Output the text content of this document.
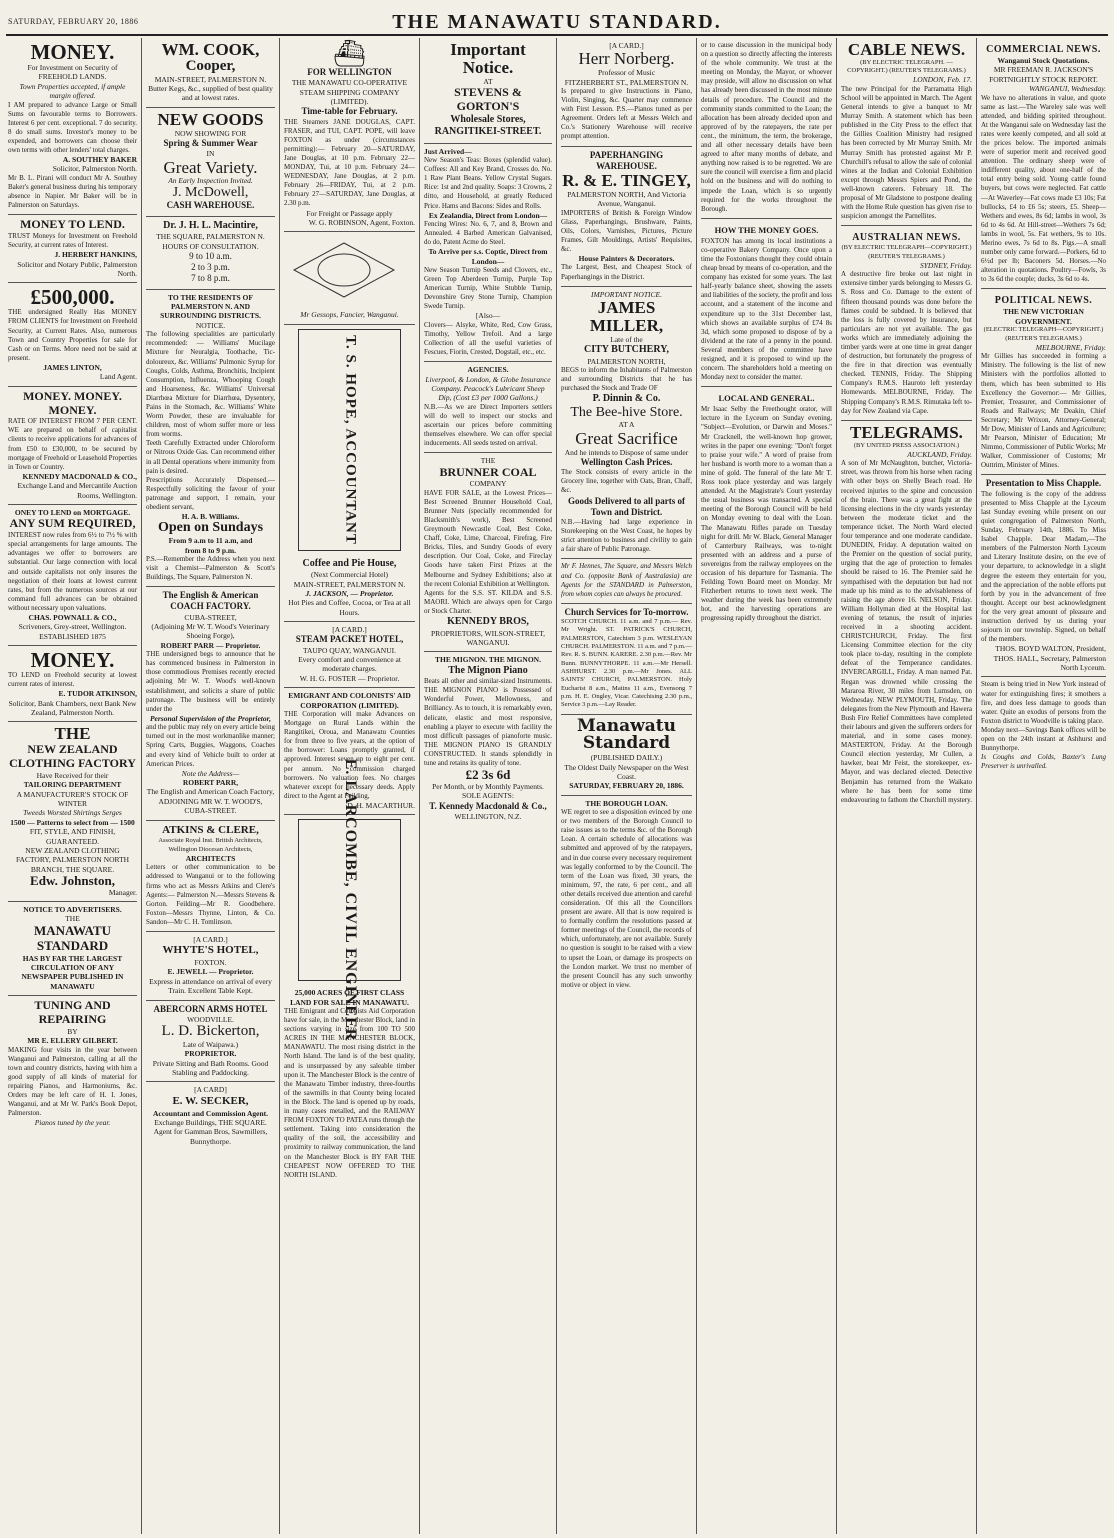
SATURDAY, FEBRUARY 20, 1886	THE MANAWATU STANDARD.
MONEY.
For Investment on Security of FREEHOLD LANDS.
Town Properties accepted, if ample margin offered.
I AM prepared to advance Large or Small Sums on favourable terms to Borrowers. Interest 6 per cent. exceptional. 7 do security. 8 do small sums. Investor's money to be expended, and borrowers can choose their own terms with other lenders' total charges.
A. SOUTHEY BAKER
Solicitor, Palmerston North.
Mr B. L. Pirani will conduct Mr A. Southey Baker's general business during his temporary absence in Napier. Mr Baker will be in Palmerston on Saturdays.
MONEY TO LEND.
TRUST Moneys for Investment on Freehold Security, at current rates of Interest.
J. HERBERT HANKINS,
Solicitor and Notary Public, Palmerston North.
£500,000.
THE undersigned Really Has MONEY FROM CLIENTS for Investment on Freehold Security, at Current Rates. Also, numerous Town and Country Properties for sale for Cash or on Terms. More need not be said at present.
JAMES LINTON,
Land Agent.
MONEY. MONEY. MONEY.
RATE OF INTEREST FROM 7 PER CENT. WE are prepared on behalf of capitalist clients to receive applications for advances of from £50 to £30,000, to be secured by mortgage of Freehold or Leasehold Properties in Town or Country.
KENNEDY MACDONALD & CO.,
Exchange Land and Mercantile Auction Rooms, Wellington.
ONEY TO LEND on MORTGAGE.
ANY SUM REQUIRED,
INTEREST now rules from 6½ to 7½ % with special arrangements for large amounts. The advantages we offer to borrowers are substantial. Our large connection with local and outside capitalists not only insures the negotiation of their loans at lowest current rates, but from the numerous sources at our command full advances can be obtained without necessary upon valuations.
CHAS. POWNALL & CO.,
Scriveners, Grey-street, Wellington. ESTABLISHED 1875
MONEY.
TO LEND on Freehold security at lowest current rates of interest.
E. TUDOR ATKINSON,
Solicitor, Bank Chambers, next Bank New Zealand, Palmerston North.
THE
NEW ZEALAND CLOTHING FACTORY
Have Received for their
TAILORING DEPARTMENT
A MANUFACTURER'S STOCK OF WINTER
Tweeds Worsted Shirtings Serges
1500 — Patterns to select from — 1500
FIT, STYLE, AND FINISH, GUARANTEED.
NEW ZEALAND CLOTHING FACTORY, PALMERSTON NORTH BRANCH, THE SQUARE.
Edw. Johnston,
Manager.
NOTICE TO ADVERTISERS.
THE
MANAWATU STANDARD
HAS BY FAR THE LARGEST CIRCULATION OF ANY NEWSPAPER PUBLISHED IN MANAWATU
TUNING AND REPAIRING
BY
MR E. ELLERY GILBERT.
MAKING four visits in the year between Wanganui and Palmerston, calling at all the town and country districts, having with him a good supply of all kinds of material for repairing Pianos, and Harmoniums, &c. Orders may be left care of H. I. Jones, Wanganui, and at Mr W. Park's Book Depot, Palmerston.
Pianos tuned by the year.
WM. COOK,
Cooper,
MAIN-STREET, PALMERSTON N.
Butter Kegs, &c., supplied of best quality and at lowest rates.
NEW GOODS
NOW SHOWING FOR
Spring & Summer Wear
IN
Great Variety.
An Early Inspection Invited.
J. McDowell,
CASH WAREHOUSE.
Dr. J. H. L. Macintire,
THE SQUARE, PALMERSTON N.
HOURS OF CONSULTATION.
9 to 10 a.m.
2 to 3 p.m.
7 to 8 p.m.
TO THE RESIDENTS OF PALMERSTON N. AND SURROUNDING DISTRICTS.
NOTICE.
The following specialities are particularly recommended: — Williams' Mucilage Mixture for Neuralgia, Toothache, Tic-doloureux, &c. Williams' Pulmonic Syrup for Coughs, Colds, Asthma, Bronchitis, Incipient Consumption, Influenza, Whooping Cough and Hoarseness, &c. Williams' Universal Diarrhœa Mixture for Diarrhœa, Dysentery, Pains in the Stomach, &c. Williams' White Worm Powder, these are invaluable for children, most of whom suffer more or less from worms.
Teeth Carefully Extracted under Chloroform or Nitrous Oxide Gas. Can recommend either in all Dental operations where immunity from pain is desired.
Prescriptions Accurately Dispensed.— Respectfully soliciting the favour of your patronage and support, I remain, your obedient servant,
H. A. B. Williams.
Open on Sundays
From 9 a.m to 11 a.m, and
from 8 to 9 p.m.
P.S.—Remember the Address when you next visit a Chemist—Palmerston & Scott's Buildings, The Square, Palmerston N.
The English & American
COACH FACTORY.
CUBA-STREET,
(Adjoining Mr W. T. Wood's Veterinary Shoeing Forge),
ROBERT PARR — Proprietor.
THE undersigned begs to announce that he has commenced business in Palmerston in those commodious Premises recently erected adjoining Mr W. T. Wood's well-known establishment, and solicits a share of public patronage. The business will be entirely under the
Personal Supervision of the Proprietor,
and the public may rely on every article being turned out in the most workmanlike manner; Spring Carts, Buggies, Waggons, Coaches and every kind of Vehicle built to order at American Prices.
Note the Address—
ROBERT PARR,
The English and American Coach Factory,
ADJOINING MR W. T. WOOD'S, CUBA-STREET.
ATKINS & CLERE,
Associate Royal Inst. British Architects, Wellington Diocesan Architects,
ARCHITECTS
Letters or other communication to be addressed to Wanganui or to the following firms who act as Messrs Atkins and Clere's Agents:— Palmerston N.—Messrs Stevens & Gorton. Feilding—Mr R. Goodbehere. Foxton—Messrs Thynne, Linton, & Co. Sandon—Mr C. H. Tomlinson.
[A CARD.]
WHYTE'S HOTEL,
FOXTON.
E. JEWELL — Proprietor.
Express in attendance on arrival of every Train. Excellent Table Kept.
ABERCORN ARMS HOTEL
WOODVILLE.
L. D. Bickerton,
Late of Waipawa.)
PROPRIETOR.
Private Sitting and Bath Rooms. Good Stabling and Paddocking.
[A CARD]
E. W. SECKER,
Accountant and Commission Agent.
Exchange Buildings, THE SQUARE.
Agent for Gamman Bros, Sawmillers, Bunnythorpe.
⛴
FOR WELLINGTON
THE MANAWATU CO-OPERATIVE STEAM SHIPPING COMPANY (LIMITED).
Time-table for February.
THE Steamers JANE DOUGLAS, CAPT. FRASER, and TUI, CAPT. POPE, will leave FOXTON as under (circumstances permitting):— February 20—SATURDAY, Jane Douglas, at 10 p.m. February 22—MONDAY, Tui, at 10 p.m. February 24—WEDNESDAY, Jane Douglas, at 2 p.m. February 26—FRIDAY, Tui, at 2 p.m. February 27—SATURDAY, Jane Douglas, at 2.30 p.m.
For Freight or Passage apply
W. G. ROBINSON, Agent, Foxton.
Mr Gessops, Fancier, Wanganui.
T. S. HOPE, ACCOUNTANT
Coffee and Pie House,
(Next Commercial Hotel)
MAIN-STREET, PALMERSTON N.
J. JACKSON, — Proprietor.
Hot Pies and Coffee, Cocoa, or Tea at all Hours.
[A CARD.]
STEAM PACKET HOTEL,
TAUPO QUAY, WANGANUI.
Every comfort and convenience at moderate charges.
W. H. G. FOSTER — Proprietor.
EMIGRANT AND COLONISTS' AID CORPORATION (LIMITED).
THE Corporation will make Advances on Mortgage on Rural Lands within the Rangitikei, Oroua, and Manawatu Counties for from three to five years, at the option of the borrower: Loans promptly granted, if approved. Interest seven up to eight per cent. per annum. No commission charged borrowers. No valuation fees. No charges whatever except for necessary deeds. Apply direct to the Agent at Feilding,
D. H. MACARTHUR.
E. LARCOMBE, CIVIL ENGINEER
25,000 ACRES OF FIRST CLASS LAND FOR SALE IN MANAWATU.
THE Emigrant and Colonists Aid Corporation have for sale, in the Manchester Block, land in sections varying in size from 100 TO 500 ACRES IN THE MANCHESTER BLOCK, MANAWATU. The most rising district in the North Island. The land is of the best quality, and is unsurpassed by any saleable timber upon it. The Manchester Block is the centre of the Manawatu Timber industry, three-fourths of the sawmills in that County being located in the Block. The land is opened up by roads, in many cases metalled, and the RAILWAY FROM FOXTON TO PATEA runs through the settlement. Taking into consideration the quality of the soil, the accessibility and proximity to railway communication, the land on the Manchester Block is BY FAR THE CHEAPEST NOW OFFERED TO THE NORTH ISLAND.
Important Notice.
AT
STEVENS & GORTON'S
Wholesale Stores,
RANGITIKEI-STREET.
Just Arrived—
New Season's Teas: Boxes (splendid value). Coffees: All and Key Brand, Crosses do. No. 1 Raw Plant Beans. Yellow Crystal Sugars. Rice: 1st and 2nd quality. Soaps: 3 Crowns, 2 ditto, and Household, at greatly Reduced Price. Hams and Bacons: Sides and Rolls.
Ex Zealandia, Direct from London—
Fencing Wires: No. 6, 7, and 8, Brown and Annealed. 4 Barbed American Galvanised, do do, Patent Acme do Steel.
To Arrive per s.s. Coptic, Direct from London—
New Season Turnip Seeds and Clovers, etc., Green Top Aberdeen Turnip, Purple Top American Turnip, White Stubble Turnip, Devonshire Grey Stone Turnip, Champion Swede Turnip.
[Also—
Clovers— Alsyke, White, Red, Cow Grass, Timothy, Yellow Trefoil. And a large Collection of all the useful varieties of Fescues, Fiorin, Crested, Dogstail, etc., etc.
AGENCIES.
Liverpool, & London, & Globe Insurance Company. Peacock's Lubricant Sheep Dip, (Cost £3 per 1000 Gallons.)
N.B.—As we are Direct Importers settlers will do well to inspect our stocks and ascertain our prices before committing themselves elsewhere. We can offer special inducements. All seeds tested on arrival.
THE
BRUNNER COAL
COMPANY
HAVE FOR SALE, at the Lowest Prices— Best Screened Brunner Household Coal, Brunner Nuts (specially recommended for Blacksmith's work), Best Screened Greymouth Newcastle Coal, Best Coke, Chaff, Coke, Lime, Charcoal, Firefrag, Fire Bricks, Tiles, and Sundry Goods of every description. Our Coal, Coke, and Fireclay Goods have taken First Prizes at the Melbourne and Sydney Exhibitions; also at the recent Colonial Exhibition at Wellington.
Agents for the S.S. ST. KILDA and S.S. MAORI. Which are always open for Cargo or Stock Charter.
KENNEDY BROS,
PROPRIETORS, WILSON-STREET, WANGANUI.
THE MIGNON. THE MIGNON.
The Mignon Piano
Beats all other and similar-sized Instruments. THE MIGNON PIANO is Possessed of Wonderful Power, Mellowness, and Brilliancy. As to touch, it is remarkably even, delicate, elastic and most responsive, enabling a player to execute with facility the most difficult passages of pianoforte music. THE MIGNON PIANO IS GRANDLY CONSTRUCTED. It stands splendidly in tune and retains its quality of tone.
£2 3s 6d
Per Month, or by Monthly Payments.
SOLE AGENTS:
T. Kennedy Macdonald & Co.,
WELLINGTON, N.Z.
[A CARD.]
Herr Norberg.
Professor of Music
FITZHERBERT ST., PALMERSTON N.
Is prepared to give Instructions in Piano, Violin, Singing, &c. Quarter may commence with First Lesson. P.S.—Pianos tuned as per Agreement. Orders left at Messrs Welch and Co.'s Stationery Warehouse will receive prompt attention.
PAPERHANGING WAREHOUSE.
R. & E. TINGEY,
PALMERSTON NORTH, And Victoria Avenue, Wanganui.
IMPORTERS of British & Foreign Window Glass, Paperhangings, Brushware, Paints, Oils, Colors, Varnishes, Pictures, Picture Frames, Gilt Mouldings, Artists' Requisites, &c.
House Painters & Decorators.
The Largest, Best, and Cheapest Stock of Paperhangings in the District.
IMPORTANT NOTICE.
JAMES MILLER,
Late of the
CITY BUTCHERY,
PALMERSTON NORTH,
BEGS to inform the Inhabitants of Palmerston and surrounding Districts that he has purchased the Stock and Trade OF
P. Dinnin & Co.
The Bee-hive Store.
AT A
Great Sacrifice
And he intends to Dispose of same under
Wellington Cash Prices.
The Stock consists of every article in the Grocery line, together with Oats, Bran, Chaff, &c.
Goods Delivered to all parts of Town and District.
N.B.—Having had large experience in Storekeeping on the West Coast, he hopes by strict attention to business and civility to gain a fair share of Public Patronage.
Mr F. Hennes, The Square, and Messrs Welch and Co. (opposite Bank of Australasia) are Agents for the STANDARD in Palmerston, from whom copies can always be procured.
Church Services for To-morrow.
SCOTCH CHURCH. 11 a.m. and 7 p.m.— Rev. Mr Wright. ST. PATRICK'S CHURCH, PALMERSTON, Catechism 3 p.m. WESLEYAN CHURCH. PALMERSTON. 11 a.m. and 7 p.m.— Rev. R. S. BUNN. KARERE. 2.30 p.m.—Rev. Mr Bunn. BUNNYTHORPE. 11 a.m.—Mr Hersell. ASHHURST. 2.30 p.m.—Mr Jones. ALL SAINTS' CHURCH, PALMERSTON. Holy Eucharist 8 a.m., Matins 11 a.m., Evensong 7 p.m. H. E. Ongley, Vicar. Catechising 2.30 p.m., Service 3 p.m.—Lay Reader.
Manawatu Standard
(PUBLISHED DAILY.)
The Oldest Daily Newspaper on the West Coast.
SATURDAY, FEBRUARY 20, 1886.
THE BOROUGH LOAN.
WE regret to see a disposition evinced by one or two members of the Borough Council to raise issues as to the terms &c. of the Borough Loan. A certain schedule of allocations was submitted and approved of by the ratepayers, and in due course every necessary requirement was legally conformed to by the Council. The term of the Loan was fixed, 30 years, the minimum, 97, the rate, 6 per cent., and all other details received due attention and careful consideration. Of this all the Councillors present are aware. All that is now required is to formally confirm the resolutions passed at former meetings of the Council, the records of which, unfortunately, are not available. Surely no question is sought to be raised with a view to upset the Loan, or damage its prospects on the London market. We trust no member of the present Council has any such unworthy motive or object in view.
or to cause discussion in the municipal body on a question so directly affecting the interests of the whole community. We trust at the meeting on Monday, the Mayor, or whoever may preside, will allow no discussion on what has already been discussed in the most minute details of procedure. The Council and the community stands committed to the Loan; the allocation has been already decided upon and approved of by the ratepayers, the rate per cent., the minimum, the term, the brokerage, and all other necessary details have been agreed to after many months of debate, and anything now raised is to be regretted. We are sure the council will exercise a firm and placid hold on the business and will do nothing to impede the Loan, which is so urgently required for the works throughout the Borough.
HOW THE MONEY GOES.
FOXTON has among its local institutions a co-operative Bakery Company. Once upon a time the Foxtonians thought they could obtain cheap bread by means of co-operation, and the company has existed for some years. The last half-yearly balance sheet, showing the assets and liabilities of the society, the profit and loss account, and a statement of the income and expenditure up to the 31st December last, which shows an available surplus of £74 8s 3d, which some proposed to dispose of by a dividend at the rate of a penny in the pound. Several members of the committee have resigned, and it is proposed to wind up the concern. The shareholders hold a meeting on Monday next to consider the matter.
LOCAL AND GENERAL.
Mr Isaac Selby the Freethought orator, will lecture in the Lyceum on Sunday evening, "Subject—Evolution, or Darwin and Moses." Mr Cracknell, the well-known hop grower, writes in the paper one evening: "Don't forget to praise your wife." A word of praise from her husband is worth more to a woman than a mine of gold. The funeral of the late Mr T. Ross took place yesterday and was largely attended. At the Magistrate's Court yesterday the usual business was transacted. A special meeting of the Borough Council will be held on Monday evening to deal with the Loan. The Manawatu Rifles parade on Tuesday night for drill. Mr W. Black, General Manager of Canterbury Railways, was to-night presented with an address and a purse of sovereigns from the railway employees on the occasion of his departure for Tasmania. The Feilding Town Board meet on Monday. Mr Fitzherbert returns to town next week. The weather during the week has been extremely hot, and the harvesting operations are progressing rapidly throughout the district.
CABLE NEWS.
(BY ELECTRIC TELEGRAPH. — COPYRIGHT.) (REUTER'S TELEGRAMS.)
LONDON, Feb. 17.
The new Principal for the Parramatta High School will be appointed in March. The Agent General intends to give a banquet to Mr Murray Smith. A statement which has been published in the City Press to the effect that the Gillies Coalition Ministry had resigned has been corrected by Mr Murray Smith. Mr Murray Smith has protested against Mr P. Churchill's refusal to allow the sale of colonial wines at the Indian and Colonial Exhibition except through Messrs Spiers and Pond, the well-known caterers. February 18. The proposal of Mr Gladstone to postpone dealing with the Home Rule question has given rise to suspicion amongst the Parnellites.
AUSTRALIAN NEWS.
(BY ELECTRIC TELEGRAPH—COPYRIGHT.) (REUTER'S TELEGRAMS.)
SYDNEY, Friday.
A destructive fire broke out last night in extensive timber yards belonging to Messrs G. S. Ross and Co. Damage to the extent of fifteen thousand pounds was done before the flames could be subdued. It is believed that the loss is fully covered by insurance, but particulars are not yet available. The gas works which are immediately adjoining the timber yards were at one time in great danger of destruction, but fortunately the progress of the fire in that direction was eventually checked. TENNIS, Friday. The Shipping Company's R.M.S. Hauroto left yesterday Homewards. MELBOURNE, Friday. The Shipping Company's R.M.S. Rimutaka left to-day for New Zealand via Cape.
TELEGRAMS.
(BY UNITED PRESS ASSOCIATION.)
AUCKLAND, Friday.
A son of Mr McNaughton, butcher, Victoria-street, was thrown from his horse when racing with other boys on Shelly Beach road. He received injuries to the spine and concussion of the brain. There was a great fight at the licensing elections in the city wards yesterday between the moderate ticket and the temperance ticket. The North Ward elected four temperance and one moderate candidate. DUNEDIN, Friday. A deputation waited on the Premier on the question of social purity, urging that the age of protection to females should be raised to 16. The Premier said he sympathised with the deputation but had not made up his mind as to the advisableness of raising the age above 16. NELSON, Friday. William Hollyman died at the Hospital last evening of tetanus, the result of injuries received in a shooting accident. CHRISTCHURCH, Friday. The first Licensing Committee election for the city took place to-day, resulting in the complete defeat of the Temperance candidates. INVERCARGILL, Friday. A man named Pat. Regan was drowned while crossing the Mararoa River, 30 miles from Lumsden, on Wednesday. NEW PLYMOUTH, Friday. The delegates from the New Plymouth and Hawera Bush Fire Relief Committees have completed their labours and given the sufferers orders for material, and in some cases money. MASTERTON, Friday. At the Borough Council election yesterday, Mr Cullen, a hawker, beat Mr Feist, the storekeeper, ex-Mayor, and was declared elected. Detective Benjamin has returned from the Waikato where he has been for some time endeavouring to fathom the Churchill mystery.
COMMERCIAL NEWS.
Wanganui Stock Quotations.
MR FREEMAN R. JACKSON'S FORTNIGHTLY STOCK REPORT.
WANGANUI, Wednesday.
We have no alterations in value, and quote same as last.—The Wareley sale was well attended, and bidding spirited throughout. At the Wanganui sale on Wednesday last the rates were keenly competed, and all sold at the prices below. The imported animals were of superior merit and received good attention. The ordinary sheep were of indifferent quality, about one-half of the total entry being sold. Young cattle found buyers, but cows were neglected. Fat cattle—At Waverley—Fat cows made £3 10s; Fat bullocks, £4 to £6 5s; steers, £5. Sheep—Wethers and ewes, 8s 6d; lambs in wool, 3s 6d to 4s 6d. At Hill-street—Wethers 7s 6d; lambs in wool, 5s. Fat wethers, 9s to 10s. Merino ewes, 7s 6d to 8s. Pigs.—A small number only came forward.—Porkers, 6d to 6½d per lb; Baconers 5d. Horses.—No alteration in quotations. Poultry—Fowls, 3s to 3s 6d the couple; ducks, 3s 6d to 4s.
POLITICAL NEWS.
THE NEW VICTORIAN GOVERNMENT.
(ELECTRIC TELEGRAPH—COPYRIGHT.) (REUTER'S TELEGRAMS.)
MELBOURNE, Friday.
Mr Gillies has succeeded in forming a Ministry. The following is the list of new Ministers with the portfolios allotted to them, which has been submitted to His Excellency the Governor:— Mr Gillies, Premier, Treasurer, and Commissioner of Roads and Railways; Mr Deakin, Chief Secretary; Mr Wrixon, Attorney-General; Mr Dow, Minister of Lands and Agriculture; Mr Pearson, Minister of Education; Mr Nimmo, Commissioner of Public Works; Mr Walker, Commissioner of Customs; Mr Outtrim, Minister of Mines.
Presentation to Miss Chapple.
The following is the copy of the address presented to Miss Chapple at the Lyceum last Sunday evening while present on our quiet congregation of Palmerston North, Sunday, February 14th, 1886. To Miss Isabel Chapple. Dear Madam,—The members of the Palmerston North Lyceum and Literary Institute desire, on the eve of your departure, to acknowledge in a slight degree the esteem they entertain for you, and the appreciation of the noble efforts put forth by you in the advancement of free thought. Accept our best acknowledgment for the very great amount of pleasure and instruction derived by us during your sojourn in our township. Signed, on behalf of the members.
THOS. BOYD WALTON, President,
THOS. HALL, Secretary, Palmerston North Lyceum.
Steam is being tried in New York instead of water for extinguishing fires; it smothers a fire, and does less damage to goods than water. Quite an exodus of persons from the Foxton district to Woodville is taking place.
Monday next—Savings Bank offices will be open on the 24th instant at Ashhurst and Bunnythorpe.
Is Coughs and Colds, Baxter's Lung Preserver is unrivalled.
